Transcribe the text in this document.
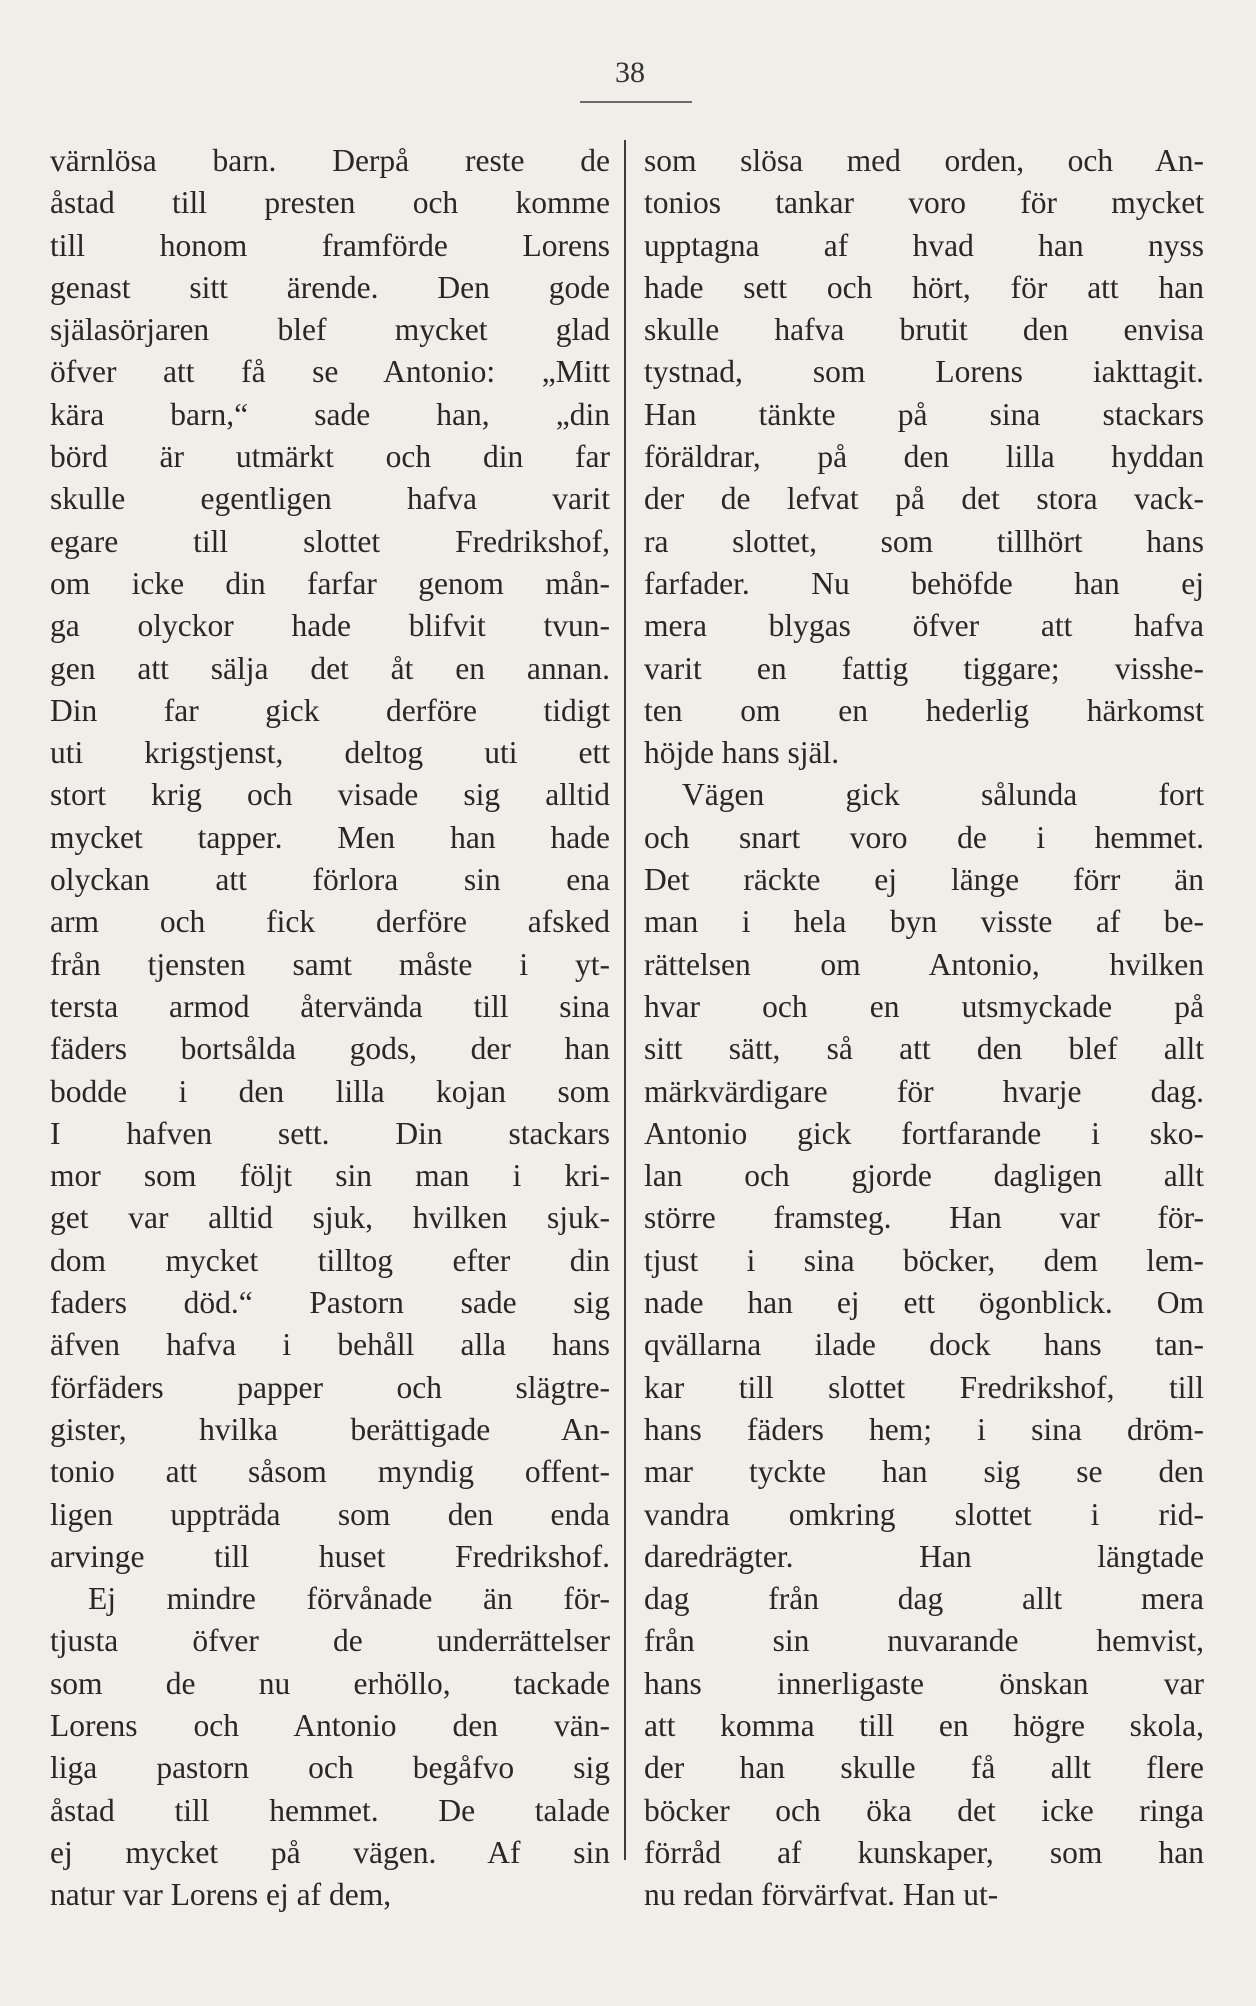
38
värnlösa barn. Derpå reste de
åstad till presten och komme
till honom framförde Lorens
genast sitt ärende. Den gode
själasörjaren blef mycket glad
öfver att få se Antonio: „Mitt
kära barn,“ sade han, „din
börd är utmärkt och din far
skulle egentligen hafva varit
egare till slottet Fredrikshof,
om icke din farfar genom mån-
ga olyckor hade blifvit tvun-
gen att sälja det åt en annan.
Din far gick derföre tidigt
uti krigstjenst, deltog uti ett
stort krig och visade sig alltid
mycket tapper. Men han hade
olyckan att förlora sin ena
arm och fick derföre afsked
från tjensten samt måste i yt-
tersta armod återvända till sina
fäders bortsålda gods, der han
bodde i den lilla kojan som
I hafven sett. Din stackars
mor som följt sin man i kri-
get var alltid sjuk, hvilken sjuk-
dom mycket tilltog efter din
faders död.“ Pastorn sade sig
äfven hafva i behåll alla hans
förfäders papper och slägtre-
gister, hvilka berättigade An-
tonio att såsom myndig offent-
ligen uppträda som den enda
arvinge till huset Fredrikshof.
Ej mindre förvånade än för-
tjusta öfver de underrättelser
som de nu erhöllo, tackade
Lorens och Antonio den vän-
liga pastorn och begåfvo sig
åstad till hemmet. De talade
ej mycket på vägen. Af sin
natur var Lorens ej af dem,
som slösa med orden, och An-
tonios tankar voro för mycket
upptagna af hvad han nyss
hade sett och hört, för att han
skulle hafva brutit den envisa
tystnad, som Lorens iakttagit.
Han tänkte på sina stackars
föräldrar, på den lilla hyddan
der de lefvat på det stora vack-
ra slottet, som tillhört hans
farfader. Nu behöfde han ej
mera blygas öfver att hafva
varit en fattig tiggare; visshe-
ten om en hederlig härkomst
höjde hans själ.
Vägen gick sålunda fort
och snart voro de i hemmet.
Det räckte ej länge förr än
man i hela byn visste af be-
rättelsen om Antonio, hvilken
hvar och en utsmyckade på
sitt sätt, så att den blef allt
märkvärdigare för hvarje dag.
Antonio gick fortfarande i sko-
lan och gjorde dagligen allt
större framsteg. Han var för-
tjust i sina böcker, dem lem-
nade han ej ett ögonblick. Om
qvällarna ilade dock hans tan-
kar till slottet Fredrikshof, till
hans fäders hem; i sina dröm-
mar tyckte han sig se den
vandra omkring slottet i rid-
daredrägter. Han längtade
dag från dag allt mera
från sin nuvarande hemvist,
hans innerligaste önskan var
att komma till en högre skola,
der han skulle få allt flere
böcker och öka det icke ringa
förråd af kunskaper, som han
nu redan förvärfvat. Han ut-
